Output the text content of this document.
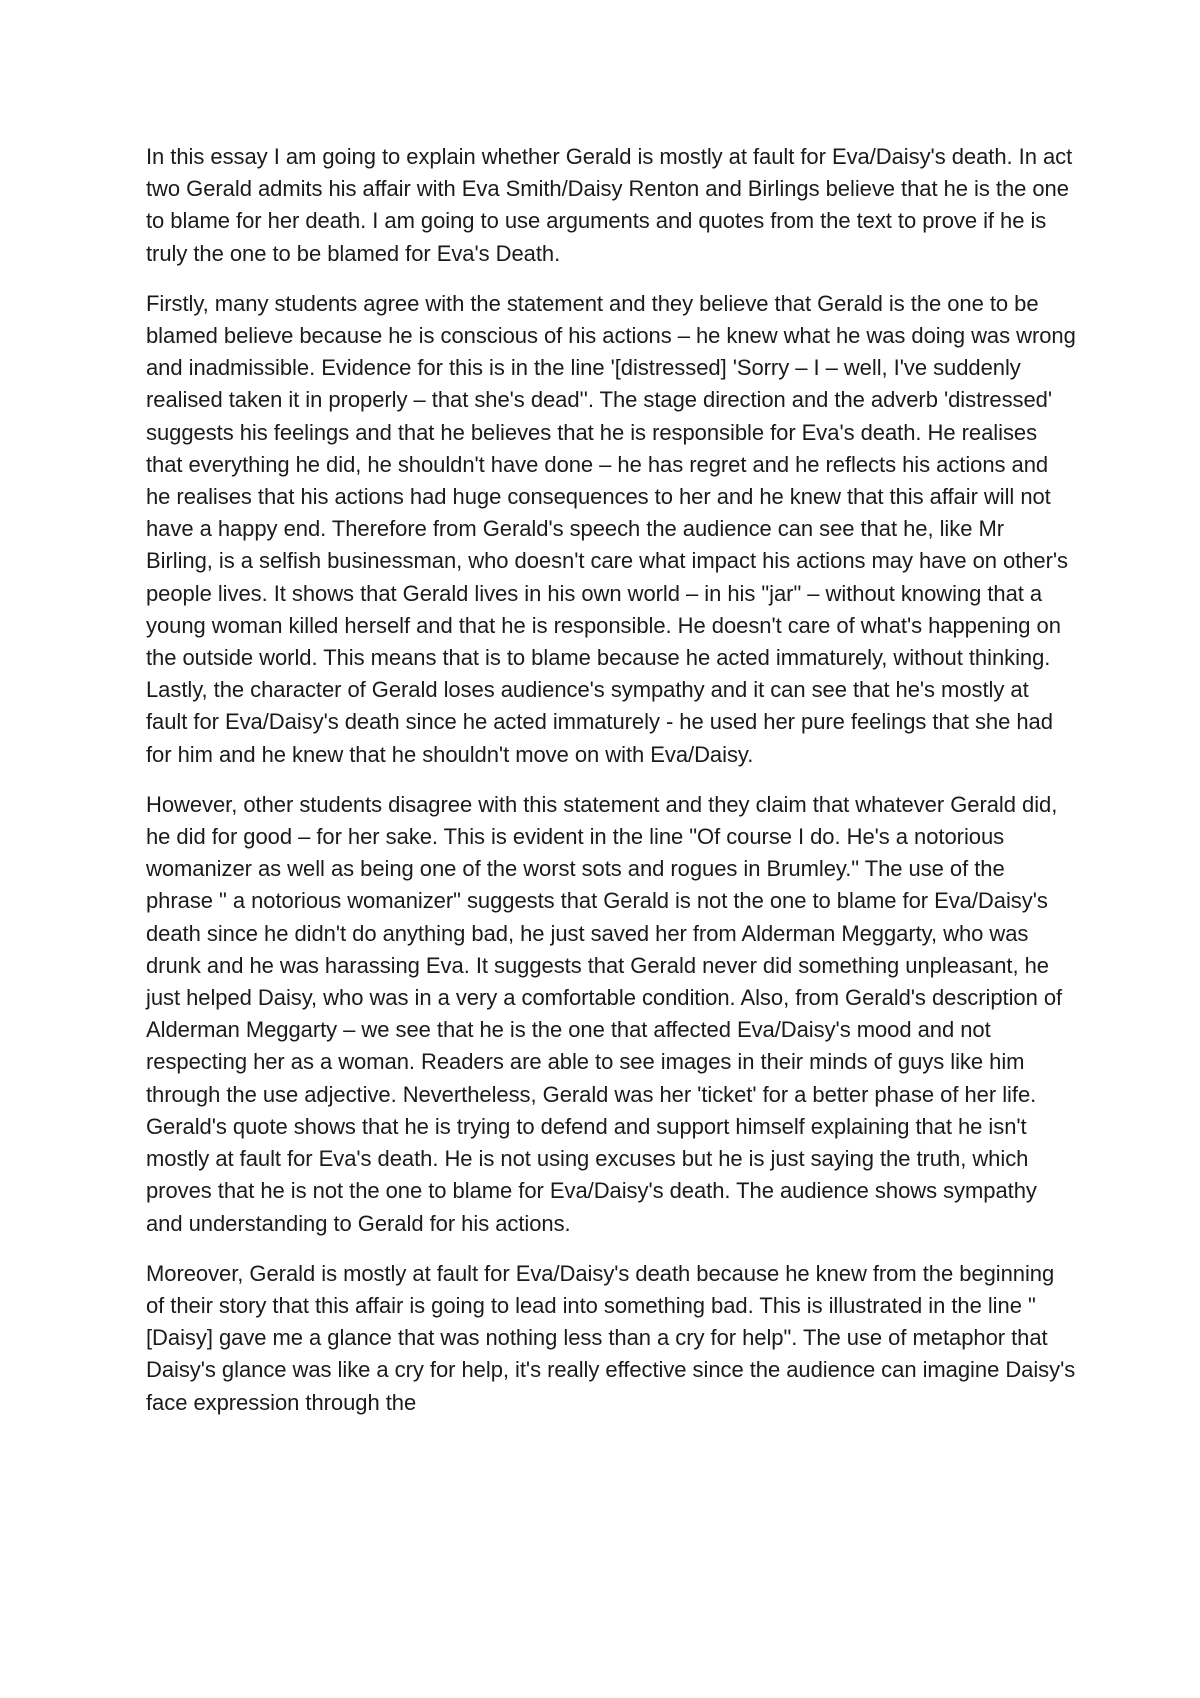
In this essay I am going to explain whether Gerald is mostly at fault for Eva/Daisy's death. In act two Gerald admits his affair with Eva Smith/Daisy Renton and Birlings believe that he is the one to blame for her death. I am going to use arguments and quotes from the text to prove if he is truly the one to be blamed for Eva's Death.

Firstly, many students agree with the statement and they believe that Gerald is the one to be blamed believe because he is conscious of his actions – he knew what he was doing was wrong and inadmissible. Evidence for this is in the line '[distressed] 'Sorry – I – well, I've suddenly realised taken it in properly – that she's dead''. The stage direction and the adverb 'distressed' suggests his feelings and that he believes that he is responsible for Eva's death. He realises that everything he did, he shouldn't have done – he has regret and he reflects his actions and he realises that his actions had huge consequences to her and he knew that this affair will not have a happy end. Therefore from Gerald's speech the audience can see that he, like Mr Birling, is a selfish businessman, who doesn't care what impact his actions may have on other's people lives. It shows that Gerald lives in his own world – in his "jar" – without knowing that a young woman killed herself and that he is responsible. He doesn't care of what's happening on the outside world. This means that is to blame because he acted immaturely, without thinking. Lastly, the character of Gerald loses audience's sympathy and it can see that he's mostly at fault for Eva/Daisy's death since he acted immaturely - he used her pure feelings that she had for him and he knew that he shouldn't move on with Eva/Daisy.

However, other students disagree with this statement and they claim that whatever Gerald did, he did for good – for her sake. This is evident in the line "Of course I do. He's a notorious womanizer as well as being one of the worst sots and rogues in Brumley." The use of the phrase " a notorious womanizer" suggests that Gerald is not the one to blame for Eva/Daisy's death since he didn't do anything bad, he just saved her from Alderman Meggarty, who was drunk and he was harassing Eva. It suggests that Gerald never did something unpleasant, he just helped Daisy, who was in a very a comfortable condition. Also, from Gerald's description of Alderman Meggarty – we see that he is the one that affected Eva/Daisy's mood and not respecting her as a woman. Readers are able to see images in their minds of guys like him through the use adjective. Nevertheless, Gerald was her 'ticket' for a better phase of her life. Gerald's quote shows that he is trying to defend and support himself explaining that he isn't mostly at fault for Eva's death. He is not using excuses but he is just saying the truth, which proves that he is not the one to blame for Eva/Daisy's death. The audience shows sympathy and understanding to Gerald for his actions.

Moreover, Gerald is mostly at fault for Eva/Daisy's death because he knew from the beginning of their story that this affair is going to lead into something bad. This is illustrated in the line "[Daisy] gave me a glance that was nothing less than a cry for help". The use of metaphor that Daisy's glance was like a cry for help, it's really effective since the audience can imagine Daisy's face expression through the
